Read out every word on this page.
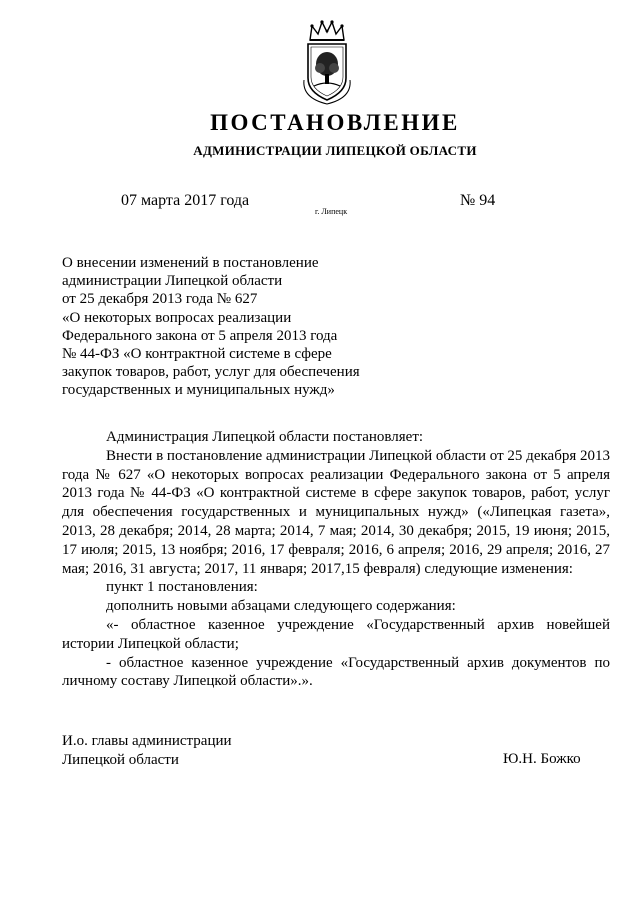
ПОСТАНОВЛЕНИЕ
АДМИНИСТРАЦИИ ЛИПЕЦКОЙ ОБЛАСТИ
07 марта 2017 года
г. Липецк
№ 94
О внесении изменений в постановление
администрации Липецкой области
от 25 декабря 2013 года № 627
«О некоторых вопросах реализации
Федерального закона от 5 апреля 2013 года
№ 44-ФЗ «О контрактной системе в сфере
закупок товаров, работ, услуг для обеспечения
государственных и муниципальных нужд»

Администрация Липецкой области постановляет:

Внести в постановление администрации Липецкой области от 25 декабря 2013 года № 627 «О некоторых вопросах реализации Федерального закона от 5 апреля 2013 года № 44-ФЗ «О контрактной системе в сфере закупок товаров, работ, услуг для обеспечения государственных и муниципальных нужд» («Липецкая газета», 2013, 28 декабря; 2014, 28 марта; 2014, 7 мая; 2014, 30 декабря; 2015, 19 июня; 2015, 17 июля; 2015, 13 ноября; 2016, 17 февраля; 2016, 6 апреля; 2016, 29 апреля; 2016, 27 мая; 2016, 31 августа; 2017, 11 января; 2017,15 февраля) следующие изменения:

пункт 1 постановления:

дополнить новыми абзацами следующего содержания:

«- областное казенное учреждение «Государственный архив новейшей истории Липецкой области;

- областное казенное учреждение «Государственный архив документов по личному составу Липецкой области».».

И.о. главы администрации
Липецкой области	Ю.Н. Божко
